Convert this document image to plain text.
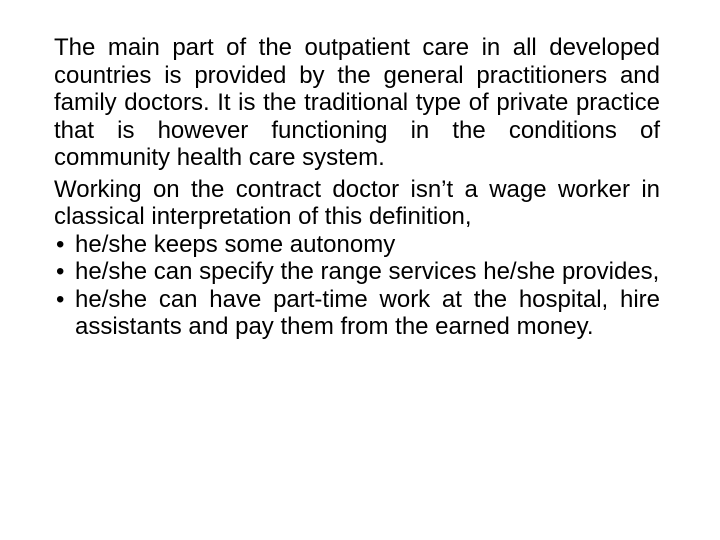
The main part of the outpatient care in all developed countries is provided by the general practitioners and family doctors. It is the traditional type of private practice that is however functioning in the conditions of community health care system.

Working on the contract doctor isn’t a wage worker in classical interpretation of this definition,

• he/she keeps some autonomy
• he/she can specify the range services he/she provides,
• he/she can have part-time work at the hospital, hire assistants and pay them from the earned money.
